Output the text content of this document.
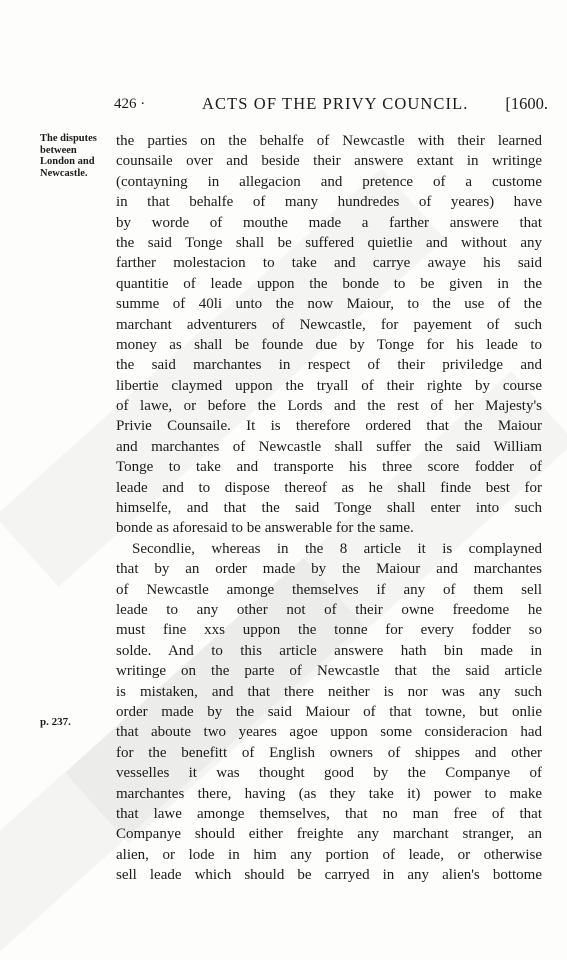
426 ·	ACTS OF THE PRIVY COUNCIL. [1600.
The disputes between London and Newcastle.
p. 237.
the parties on the behalfe of Newcastle with their learned
counsaile over and beside their answere extant in writinge
(contayning in allegacion and pretence of a custome
in that behalfe of many hundredes of yeares) have
by worde of mouthe made a farther answere that
the said Tonge shall be suffered quietlie and without any
farther molestacion to take and carrye awaye his said
quantitie of leade uppon the bonde to be given in the
summe of 40li unto the now Maiour, to the use of the
marchant adventurers of Newcastle, for payement of such
money as shall be founde due by Tonge for his leade to
the said marchantes in respect of their priviledge and
libertie claymed uppon the tryall of their righte by course
of lawe, or before the Lords and the rest of her Majesty's
Privie Counsaile. It is therefore ordered that the Maiour
and marchantes of Newcastle shall suffer the said William
Tonge to take and transporte his three score fodder of
leade and to dispose thereof as he shall finde best for
himselfe, and that the said Tonge shall enter into such
bonde as aforesaid to be answerable for the same.
Secondlie, whereas in the 8 article it is complayned
that by an order made by the Maiour and marchantes
of Newcastle amonge themselves if any of them sell
leade to any other not of their owne freedome he
must fine xxs uppon the tonne for every fodder so
solde. And to this article answere hath bin made in
writinge on the parte of Newcastle that the said article
is mistaken, and that there neither is nor was any such
order made by the said Maiour of that towne, but onlie
that aboute two yeares agoe uppon some consideracion had
for the benefitt of English owners of shippes and other
vesselles it was thought good by the Companye of
marchantes there, having (as they take it) power to make
that lawe amonge themselves, that no man free of that
Companye should either freighte any marchant stranger, an
alien, or lode in him any portion of leade, or otherwise
sell leade which should be carryed in any alien's bottome
